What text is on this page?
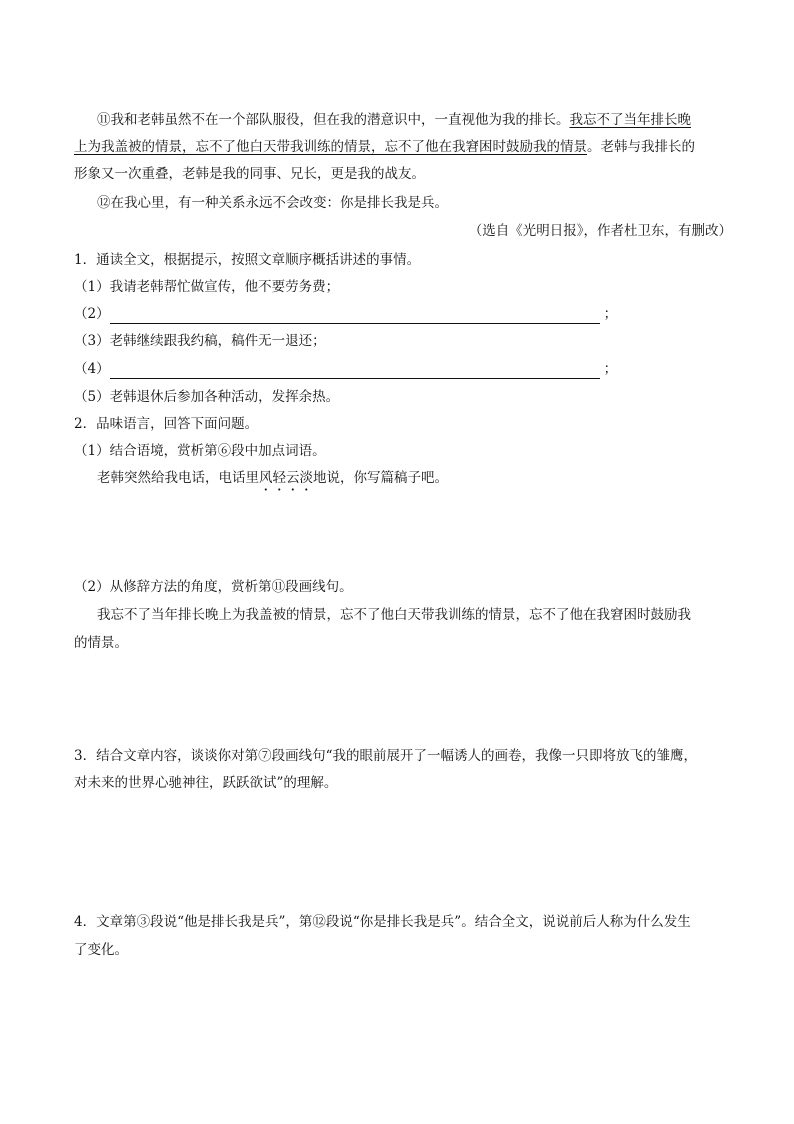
⑪我和老韩虽然不在一个部队服役，但在我的潜意识中，一直视他为我的排长。我忘不了当年排长晚
上为我盖被的情景，忘不了他白天带我训练的情景，忘不了他在我窘困时鼓励我的情景。老韩与我排长的
形象又一次重叠，老韩是我的同事、兄长，更是我的战友。
⑫在我心里，有一种关系永远不会改变：你是排长我是兵。
（选自《光明日报》，作者杜卫东，有删改）
1．通读全文，根据提示，按照文章顺序概括讲述的事情。
（1）我请老韩帮忙做宣传，他不要劳务费；
（2）	；
（3）老韩继续跟我约稿，稿件无一退还；
（4）	；
（5）老韩退休后参加各种活动，发挥余热。
2．品味语言，回答下面问题。
（1）结合语境，赏析第⑥段中加点词语。
老韩突然给我电话，电话里风轻云淡地说，你写篇稿子吧。
（2）从修辞方法的角度，赏析第⑪段画线句。
我忘不了当年排长晚上为我盖被的情景，忘不了他白天带我训练的情景，忘不了他在我窘困时鼓励我
的情景。
3．结合文章内容，谈谈你对第⑦段画线句“我的眼前展开了一幅诱人的画卷，我像一只即将放飞的雏鹰，
对未来的世界心驰神往，跃跃欲试”的理解。
4．文章第③段说“他是排长我是兵”，第⑫段说“你是排长我是兵”。结合全文，说说前后人称为什么发生
了变化。
